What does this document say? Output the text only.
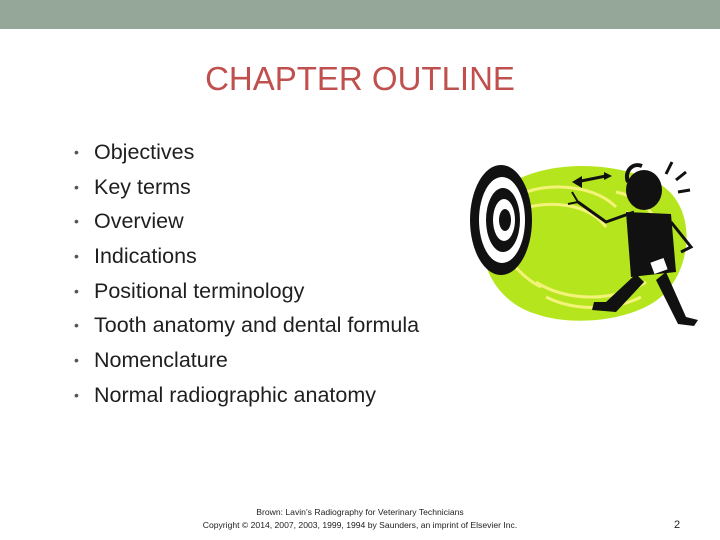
CHAPTER OUTLINE
• Objectives
• Key terms
• Overview
• Indications
• Positional terminology
• Tooth anatomy and dental formula
• Nomenclature
• Normal radiographic anatomy
Brown: Lavin’s Radiography for Veterinary Technicians
Copyright © 2014, 2007, 2003, 1999, 1994 by Saunders, an imprint of Elsevier Inc.	2
